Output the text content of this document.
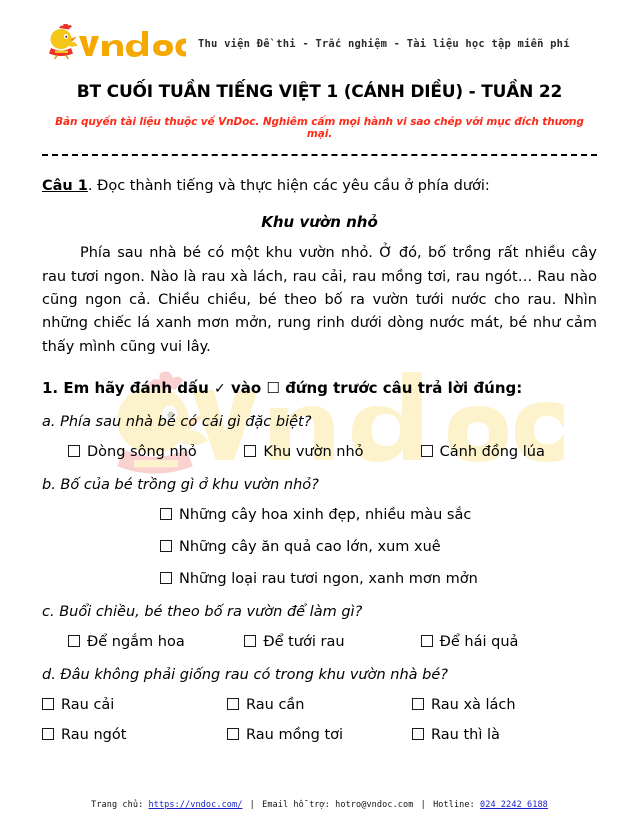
Thu viện Đề thi - Trắc nghiệm - Tài liệu học tập miễn phí
BT CUỐI TUẦN TIẾNG VIỆT 1 (CÁNH DIỀU) - TUẦN 22
Bản quyền tài liệu thuộc về VnDoc. Nghiêm cấm mọi hành vi sao chép với mục đích thương mại.
Câu 1. Đọc thành tiếng và thực hiện các yêu cầu ở phía dưới:
Khu vườn nhỏ
Phía sau nhà bé có một khu vườn nhỏ. Ở đó, bố trồng rất nhiều cây rau tươi ngon. Nào là rau xà lách, rau cải, rau mồng tơi, rau ngót… Rau nào cũng ngon cả. Chiều chiều, bé theo bố ra vườn tưới nước cho rau. Nhìn những chiếc lá xanh mơn mởn, rung rinh dưới dòng nước mát, bé như cảm thấy mình cũng vui lây.
1. Em hãy đánh dấu ✓ vào ☐ đứng trước câu trả lời đúng:
a. Phía sau nhà bé có cái gì đặc biệt?
Dòng sông nhỏ	Khu vườn nhỏ	Cánh đồng lúa
b. Bố của bé trồng gì ở khu vườn nhỏ?
Những cây hoa xinh đẹp, nhiều màu sắc
Những cây ăn quả cao lớn, xum xuê
Những loại rau tươi ngon, xanh mơn mởn
c. Buổi chiều, bé theo bố ra vườn để làm gì?
Để ngắm hoa	Để tưới rau	Để hái quả
d. Đâu không phải giống rau có trong khu vườn nhà bé?
Rau cải	Rau cần	Rau xà lách
Rau ngót	Rau mồng tơi	Rau thì là
Trang chủ: https://vndoc.com/ | Email hỗ trợ: hotro@vndoc.com | Hotline: 024 2242 6188
